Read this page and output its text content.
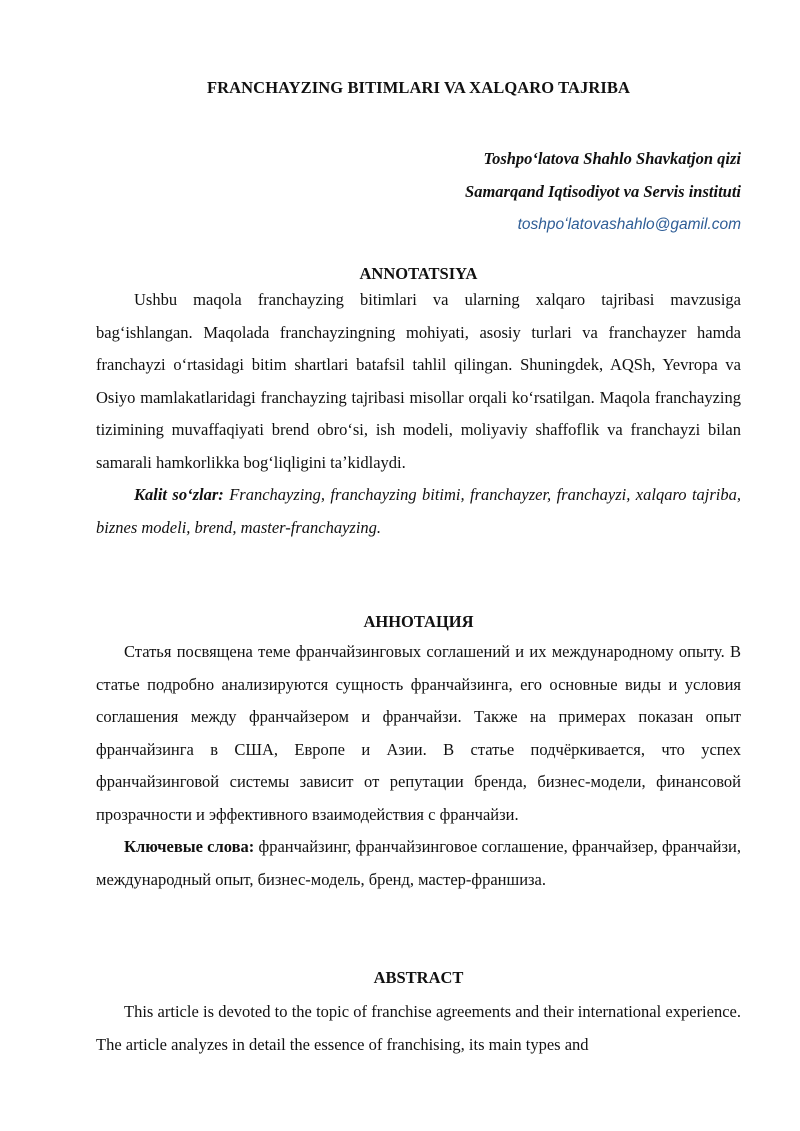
FRANCHAYZING BITIMLARI VA XALQARO TAJRIBA
Toshpoʻlatova Shahlo Shavkatjon qizi
Samarqand Iqtisodiyot va Servis instituti
toshpoʻlatovashahlo@gamil.com
ANNOTATSIYA

Ushbu maqola franchayzing bitimlari va ularning xalqaro tajribasi mavzusiga bagʻishlangan. Maqolada franchayzingning mohiyati, asosiy turlari va franchayzer hamda franchayzi oʻrtasidagi bitim shartlari batafsil tahlil qilingan. Shuningdek, AQSh, Yevropa va Osiyo mamlakatlaridagi franchayzing tajribasi misollar orqali koʻrsatilgan. Maqola franchayzing tizimining muvaffaqiyati brend obroʻsi, ish modeli, moliyaviy shaffoflik va franchayzi bilan samarali hamkorlikka bogʻliqligini taʼkidlaydi.

Kalit soʻzlar: Franchayzing, franchayzing bitimi, franchayzer, franchayzi, xalqaro tajriba, biznes modeli, brend, master-franchayzing.

АННОТАЦИЯ

Статья посвящена теме франчайзинговых соглашений и их международному опыту. В статье подробно анализируются сущность франчайзинга, его основные виды и условия соглашения между франчайзером и франчайзи. Также на примерах показан опыт франчайзинга в США, Европе и Азии. В статье подчёркивается, что успех франчайзинговой системы зависит от репутации бренда, бизнес-модели, финансовой прозрачности и эффективного взаимодействия с франчайзи.

Ключевые слова: франчайзинг, франчайзинговое соглашение, франчайзер, франчайзи, международный опыт, бизнес-модель, бренд, мастер-франшиза.

ABSTRACT

This article is devoted to the topic of franchise agreements and their international experience. The article analyzes in detail the essence of franchising, its main types and
